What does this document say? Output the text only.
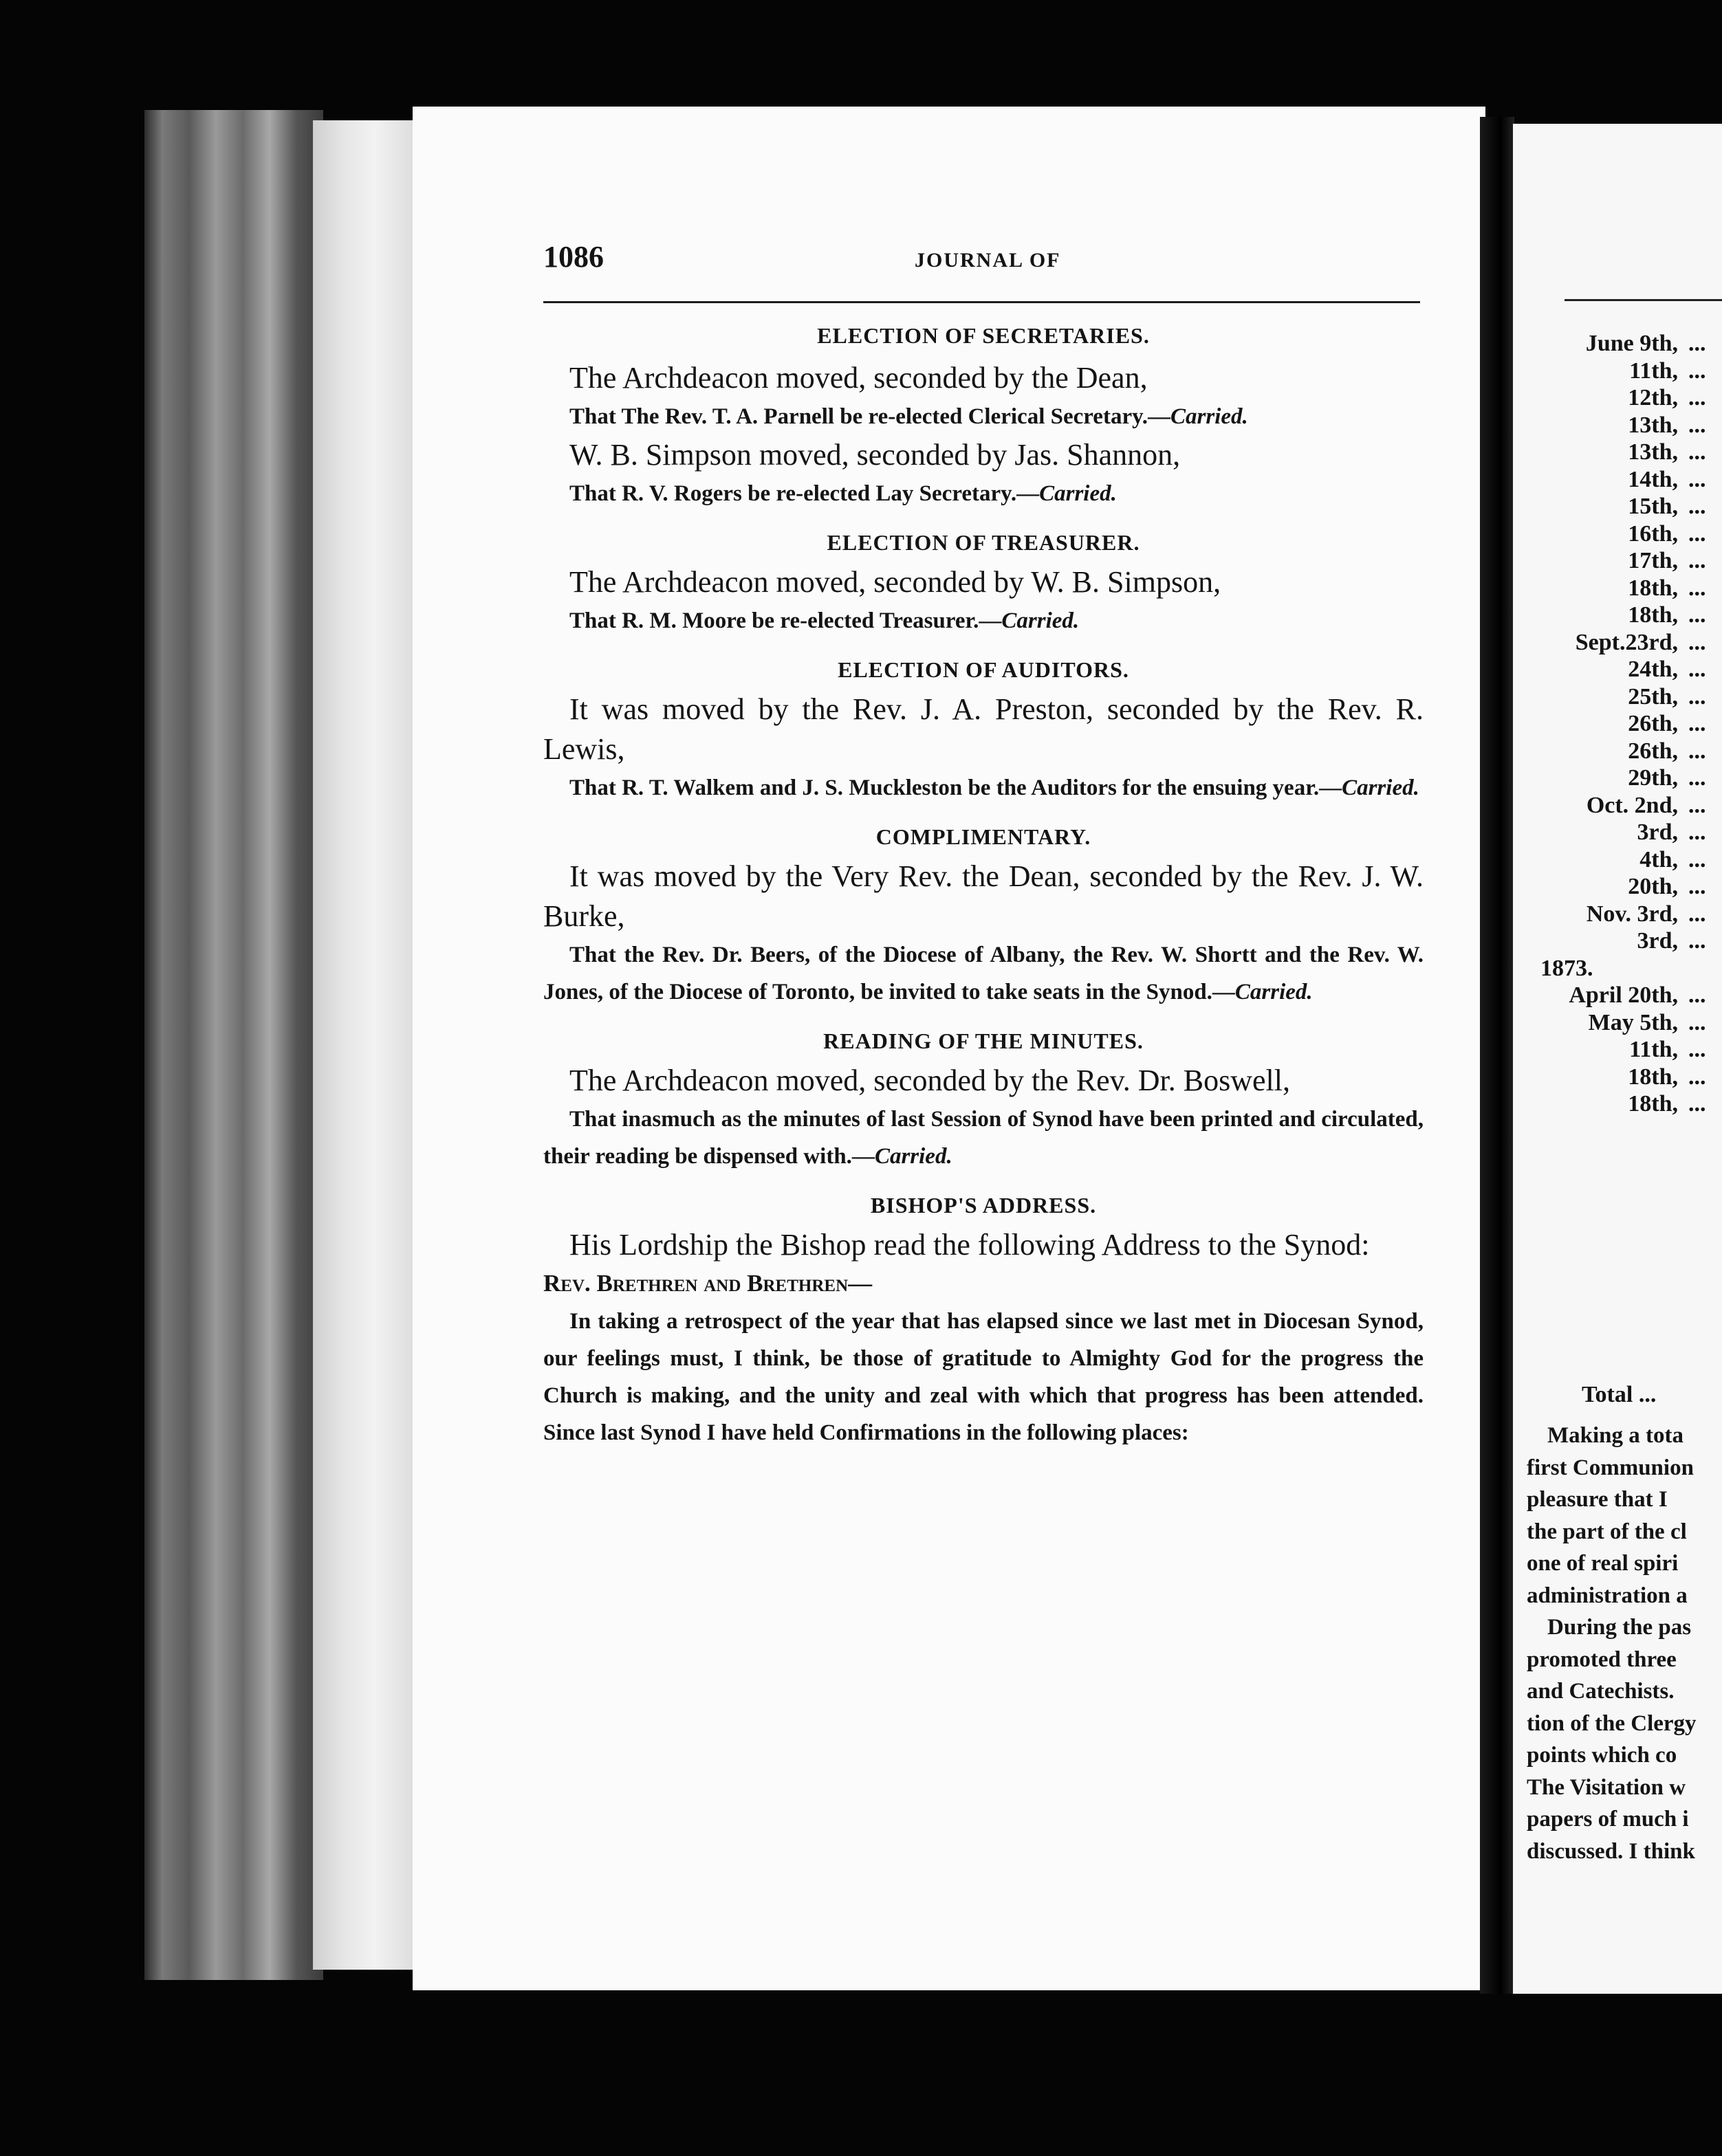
1086	JOURNAL OF

ELECTION OF SECRETARIES.

The Archdeacon moved, seconded by the Dean,

That The Rev. T. A. Parnell be re-elected Clerical Secretary.—Carried.

W. B. Simpson moved, seconded by Jas. Shannon,

That R. V. Rogers be re-elected Lay Secretary.—Carried.

ELECTION OF TREASURER.

The Archdeacon moved, seconded by W. B. Simpson,

That R. M. Moore be re-elected Treasurer.—Carried.

ELECTION OF AUDITORS.

It was moved by the Rev. J. A. Preston, seconded by the Rev. R. Lewis,

That R. T. Walkem and J. S. Muckleston be the Auditors for the ensuing year.—Carried.

COMPLIMENTARY.

It was moved by the Very Rev. the Dean, seconded by the Rev. J. W. Burke,

That the Rev. Dr. Beers, of the Diocese of Albany, the Rev. W. Shortt and the Rev. W. Jones, of the Diocese of Toronto, be invited to take seats in the Synod.—Carried.

READING OF THE MINUTES.

The Archdeacon moved, seconded by the Rev. Dr. Boswell,

That inasmuch as the minutes of last Session of Synod have been printed and circulated, their reading be dispensed with.—Carried.

BISHOP'S ADDRESS.

His Lordship the Bishop read the following Address to the Synod:

Rev. Brethren and Brethren—

In taking a retrospect of the year that has elapsed since we last met in Diocesan Synod, our feelings must, I think, be those of gratitude to Almighty God for the progress the Church is making, and the unity and zeal with which that progress has been attended. Since last Synod I have held Confirmations in the following places:

June 9th,
11th,
12th,
13th,
13th,
14th,
15th,
16th,
17th,
18th,
18th,
Sept.23rd,
24th,
25th,
26th,
26th,
29th,
Oct. 2nd,
3rd,
4th,
20th,
Nov. 3rd,
3rd,
1873.
April 20th,
May 5th,
11th,
18th,
18th,
...
...
...
...
...
...
...
...
...
...
...
...
...
...
...
...
...
...
...
...
...
...
...

...
...
...
...
...
Total ...
Making a tota
first Communion
pleasure that I
the part of the cl
one of real spiri
administration a
During the pas
promoted three
and Catechists.
tion of the Clergy
points which co
The Visitation w
papers of much i
discussed. I think
